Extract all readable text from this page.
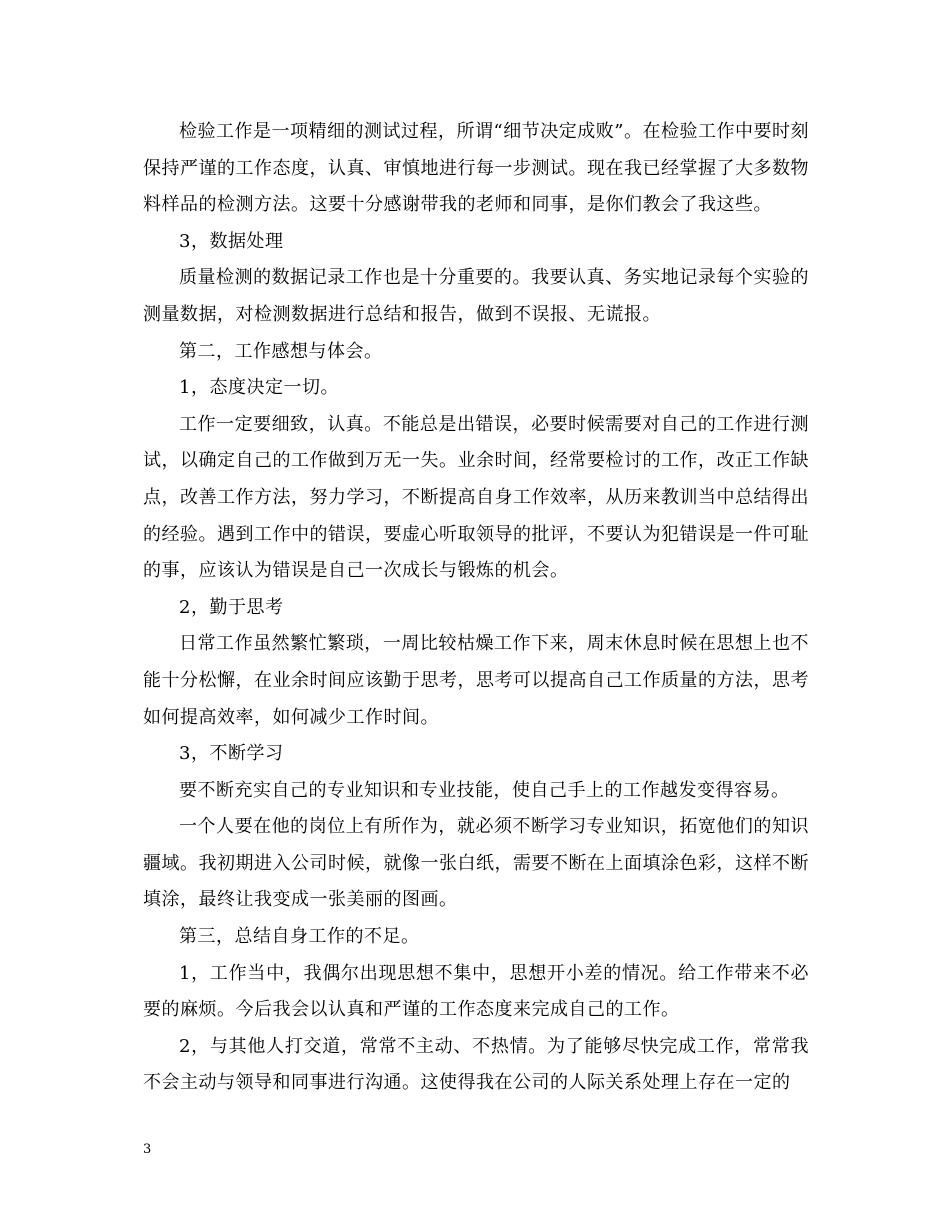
检验工作是一项精细的测试过程，所谓“细节决定成败”。在检验工作中要时刻保持严谨的工作态度，认真、审慎地进行每一步测试。现在我已经掌握了大多数物料样品的检测方法。这要十分感谢带我的老师和同事，是你们教会了我这些。

3，数据处理

质量检测的数据记录工作也是十分重要的。我要认真、务实地记录每个实验的测量数据，对检测数据进行总结和报告，做到不误报、无谎报。

第二，工作感想与体会。

1，态度决定一切。

工作一定要细致，认真。不能总是出错误，必要时候需要对自己的工作进行测试，以确定自己的工作做到万无一失。业余时间，经常要检讨的工作，改正工作缺点，改善工作方法，努力学习，不断提高自身工作效率，从历来教训当中总结得出的经验。遇到工作中的错误，要虚心听取领导的批评，不要认为犯错误是一件可耻的事，应该认为错误是自己一次成长与锻炼的机会。

2，勤于思考

日常工作虽然繁忙繁琐，一周比较枯燥工作下来，周末休息时候在思想上也不能十分松懈，在业余时间应该勤于思考，思考可以提高自己工作质量的方法，思考如何提高效率，如何减少工作时间。

3，不断学习

要不断充实自己的专业知识和专业技能，使自己手上的工作越发变得容易。

一个人要在他的岗位上有所作为，就必须不断学习专业知识，拓宽他们的知识疆域。我初期进入公司时候，就像一张白纸，需要不断在上面填涂色彩，这样不断填涂，最终让我变成一张美丽的图画。

第三，总结自身工作的不足。

1，工作当中，我偶尔出现思想不集中，思想开小差的情况。给工作带来不必要的麻烦。今后我会以认真和严谨的工作态度来完成自己的工作。

2，与其他人打交道，常常不主动、不热情。为了能够尽快完成工作，常常我不会主动与领导和同事进行沟通。这使得我在公司的人际关系处理上存在一定的

3
